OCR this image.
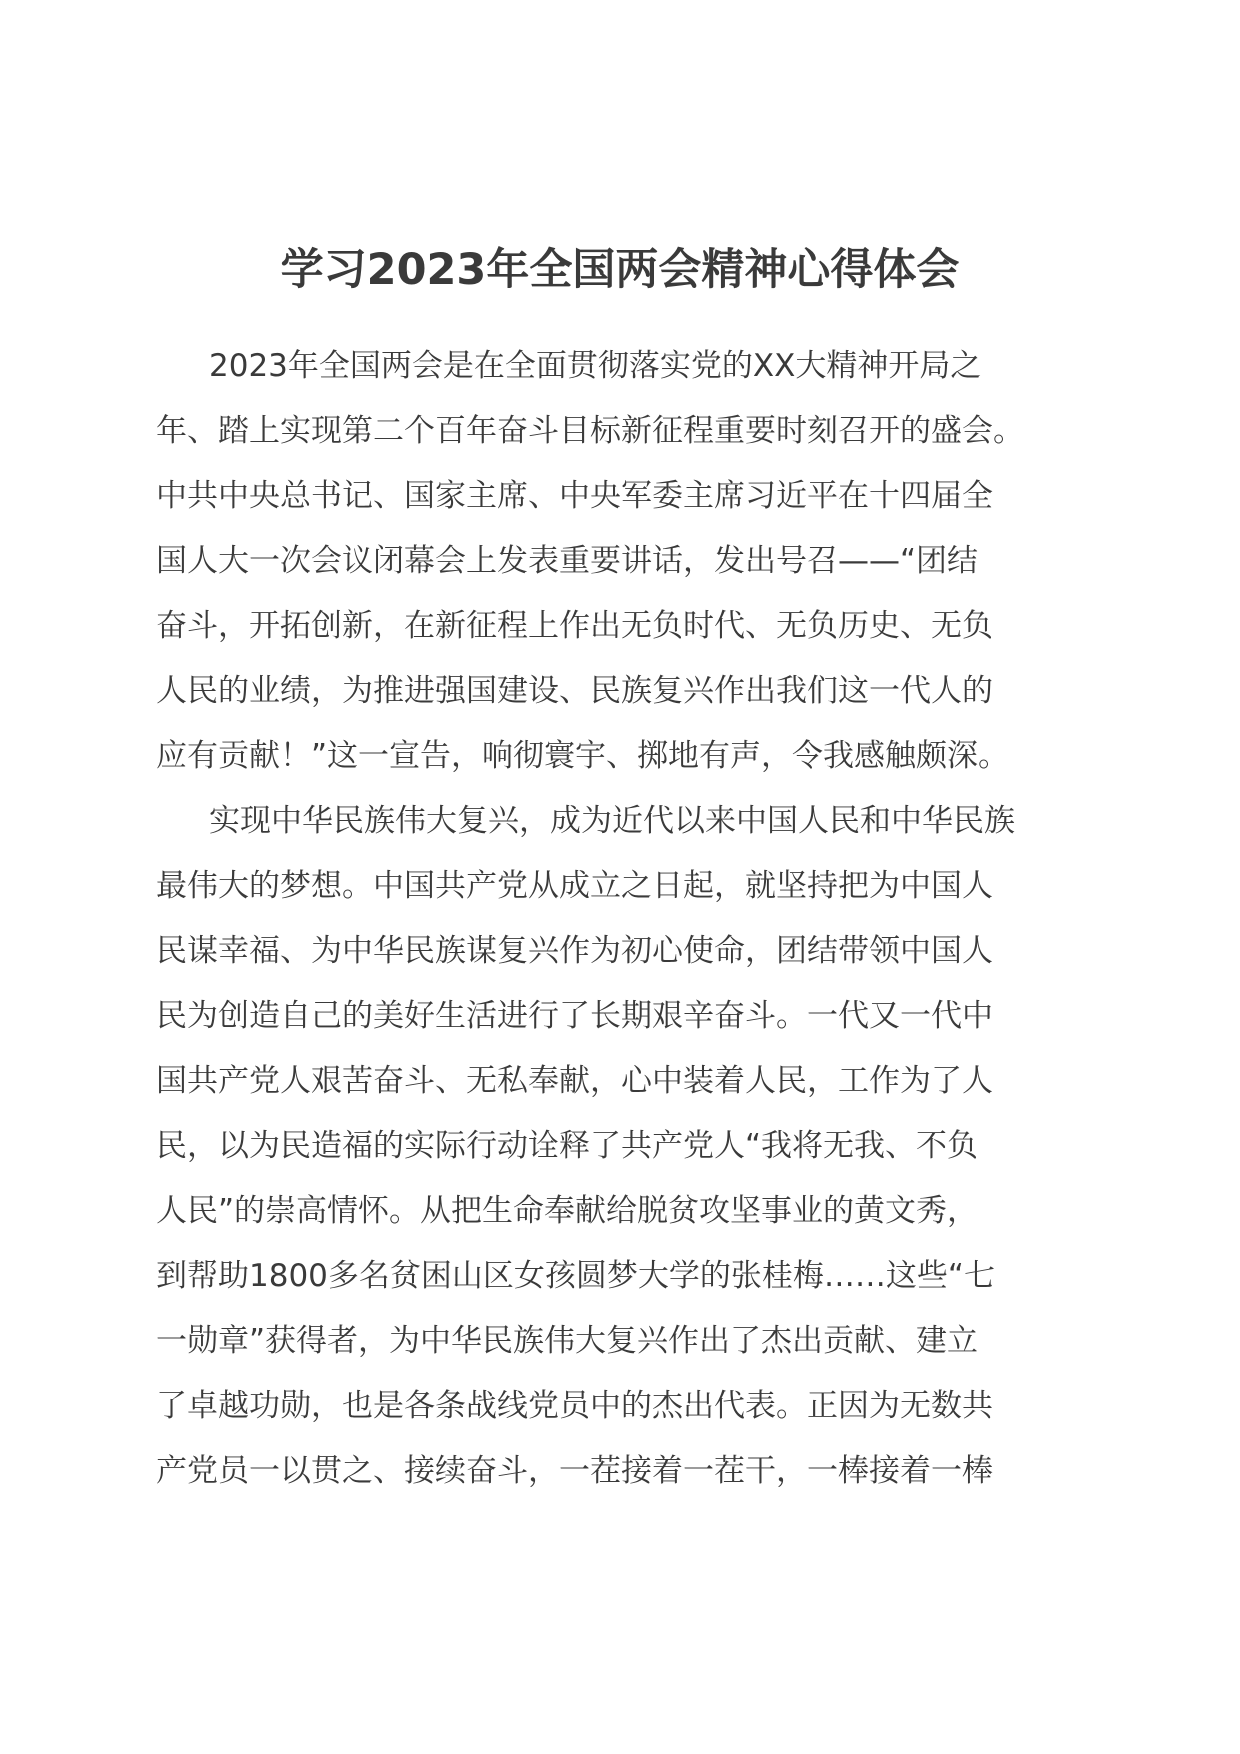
学习2023年全国两会精神心得体会

2023年全国两会是在全面贯彻落实党的XX大精神开局之

年、踏上实现第二个百年奋斗目标新征程重要时刻召开的盛会。

中共中央总书记、国家主席、中央军委主席习近平在十四届全

国人大一次会议闭幕会上发表重要讲话，发出号召——“团结

奋斗，开拓创新，在新征程上作出无负时代、无负历史、无负

人民的业绩，为推进强国建设、民族复兴作出我们这一代人的

应有贡献！”这一宣告，响彻寰宇、掷地有声，令我感触颇深。

实现中华民族伟大复兴，成为近代以来中国人民和中华民族

最伟大的梦想。中国共产党从成立之日起，就坚持把为中国人

民谋幸福、为中华民族谋复兴作为初心使命，团结带领中国人

民为创造自己的美好生活进行了长期艰辛奋斗。一代又一代中

国共产党人艰苦奋斗、无私奉献，心中装着人民，工作为了人

民，以为民造福的实际行动诠释了共产党人“我将无我、不负

人民”的崇高情怀。从把生命奉献给脱贫攻坚事业的黄文秀，

到帮助1800多名贫困山区女孩圆梦大学的张桂梅……这些“七

一勋章”获得者，为中华民族伟大复兴作出了杰出贡献、建立

了卓越功勋，也是各条战线党员中的杰出代表。正因为无数共

产党员一以贯之、接续奋斗，一茬接着一茬干，一棒接着一棒
